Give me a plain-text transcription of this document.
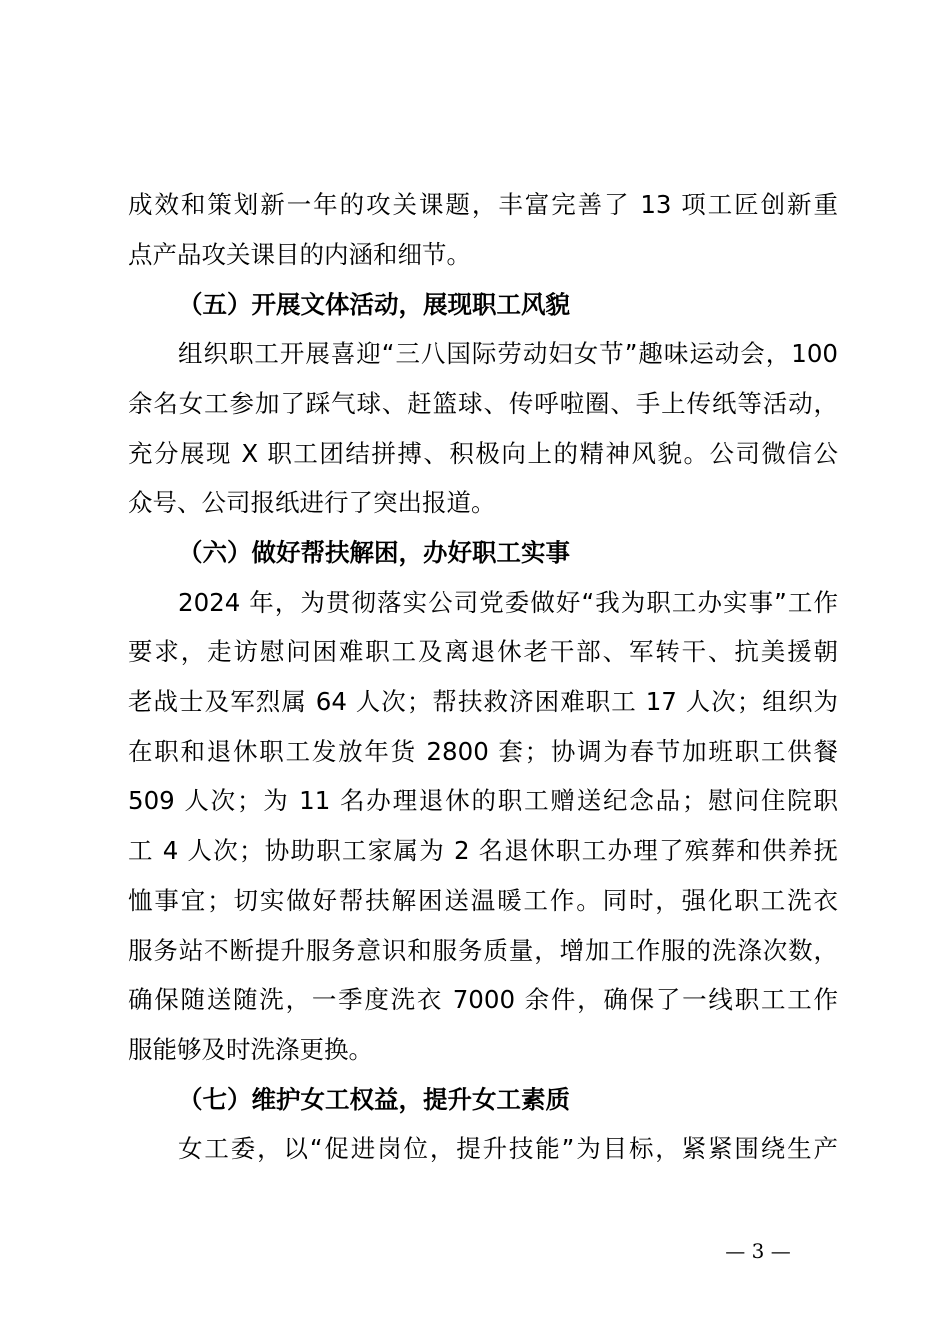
成效和策划新一年的攻关课题，丰富完善了 13 项工匠创新重
点产品攻关课目的内涵和细节。
（五）开展文体活动，展现职工风貌
组织职工开展喜迎“三八国际劳动妇女节”趣味运动会，100
余名女工参加了踩气球、赶篮球、传呼啦圈、手上传纸等活动，
充分展现 X 职工团结拼搏、积极向上的精神风貌。公司微信公
众号、公司报纸进行了突出报道。
（六）做好帮扶解困，办好职工实事
2024 年，为贯彻落实公司党委做好“我为职工办实事”工作
要求，走访慰问困难职工及离退休老干部、军转干、抗美援朝
老战士及军烈属 64 人次；帮扶救济困难职工 17 人次；组织为
在职和退休职工发放年货 2800 套；协调为春节加班职工供餐
509 人次；为 11 名办理退休的职工赠送纪念品；慰问住院职
工 4 人次；协助职工家属为 2 名退休职工办理了殡葬和供养抚
恤事宜；切实做好帮扶解困送温暖工作。同时，强化职工洗衣
服务站不断提升服务意识和服务质量，增加工作服的洗涤次数，
确保随送随洗，一季度洗衣 7000 余件，确保了一线职工工作
服能够及时洗涤更换。
（七）维护女工权益，提升女工素质
女工委，以“促进岗位，提升技能”为目标，紧紧围绕生产
— 3 —
